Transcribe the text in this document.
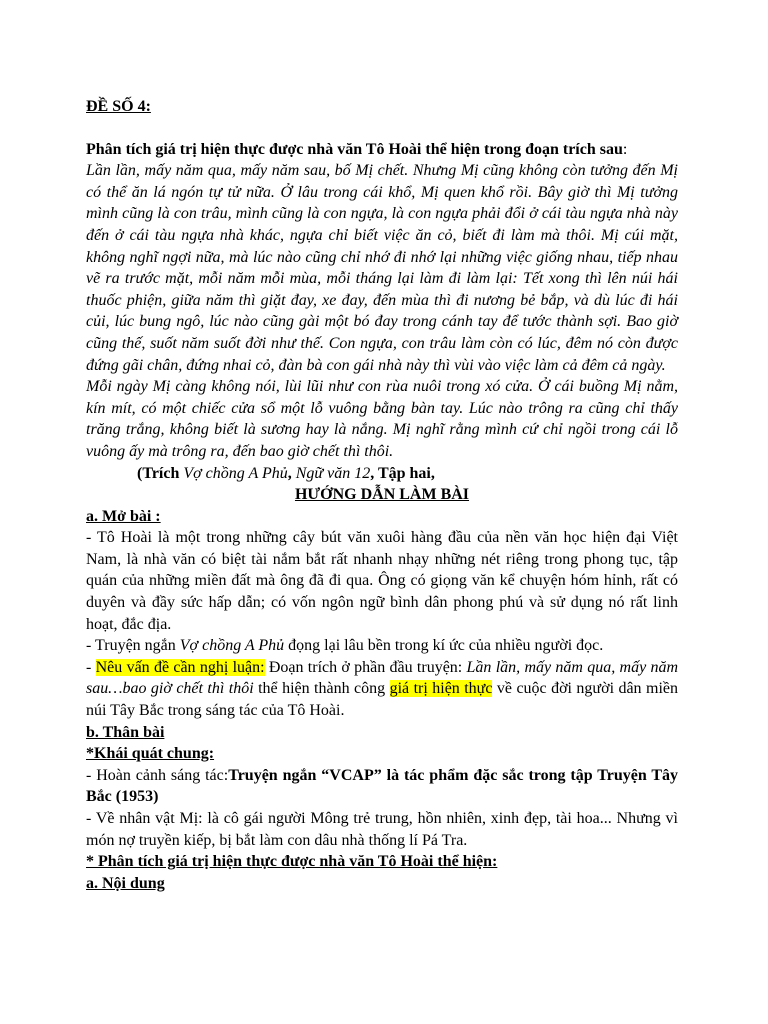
ĐỀ SỐ 4:

Phân tích giá trị hiện thực được nhà văn Tô Hoài thể hiện trong đoạn trích sau:

Lần lần, mấy năm qua, mấy năm sau, bố Mị chết. Nhưng Mị cũng không còn tưởng đến Mị có thể ăn lá ngón tự tử nữa. Ở lâu trong cái khổ, Mị quen khổ rồi. Bây giờ thì Mị tưởng mình cũng là con trâu, mình cũng là con ngựa, là con ngựa phải đổi ở cái tàu ngựa nhà này đến ở cái tàu ngựa nhà khác, ngựa chỉ biết việc ăn cỏ, biết đi làm mà thôi. Mị cúi mặt, không nghĩ ngợi nữa, mà lúc nào cũng chỉ nhớ đi nhớ lại những việc giống nhau, tiếp nhau vẽ ra trước mặt, mỗi năm mỗi mùa, mỗi tháng lại làm đi làm lại: Tết xong thì lên núi hái thuốc phiện, giữa năm thì giặt đay, xe đay, đến mùa thì đi nương bẻ bắp, và dù lúc đi hái củi, lúc bung ngô, lúc nào cũng gài một bó đay trong cánh tay để tước thành sợi. Bao giờ cũng thế, suốt năm suốt đời như thế. Con ngựa, con trâu làm còn có lúc, đêm nó còn được đứng gãi chân, đứng nhai cỏ, đàn bà con gái nhà này thì vùi vào việc làm cả đêm cả ngày.

Mỗi ngày Mị càng không nói, lùi lũi như con rùa nuôi trong xó cửa. Ở cái buồng Mị nằm, kín mít, có một chiếc cửa sổ một lỗ vuông bằng bàn tay. Lúc nào trông ra cũng chỉ thấy trăng trắng, không biết là sương hay là nắng. Mị nghĩ rằng mình cứ chỉ ngồi trong cái lỗ vuông ấy mà trông ra, đến bao giờ chết thì thôi.

(Trích Vợ chồng A Phủ, Ngữ văn 12, Tập hai,

HƯỚNG DẪN LÀM BÀI

a. Mở bài :

- Tô Hoài là một trong những cây bút văn xuôi hàng đầu của nền văn học hiện đại Việt Nam, là nhà văn có biệt tài nắm bắt rất nhanh nhạy những nét riêng trong phong tục, tập quán của những miền đất mà ông đã đi qua. Ông có giọng văn kể chuyện hóm hỉnh, rất có duyên và đầy sức hấp dẫn; có vốn ngôn ngữ bình dân phong phú và sử dụng nó rất linh hoạt, đắc địa.

- Truyện ngắn Vợ chồng A Phủ đọng lại lâu bền trong kí ức của nhiều người đọc.

- Nêu vấn đề cần nghị luận: Đoạn trích ở phần đầu truyện: Lần lần, mấy năm qua, mấy năm sau…bao giờ chết thì thôi thể hiện thành công giá trị hiện thực về cuộc đời người dân miền núi Tây Bắc trong sáng tác của Tô Hoài.

b. Thân bài

*Khái quát chung:

- Hoàn cảnh sáng tác:Truyện ngắn “VCAP” là tác phẩm đặc sắc trong tập Truyện Tây Bắc (1953)

- Về nhân vật Mị: là cô gái người Mông trẻ trung, hồn nhiên, xinh đẹp, tài hoa... Nhưng vì món nợ truyền kiếp, bị bắt làm con dâu nhà thống lí Pá Tra.

* Phân tích giá trị hiện thực được nhà văn Tô Hoài thể hiện:

a. Nội dung
